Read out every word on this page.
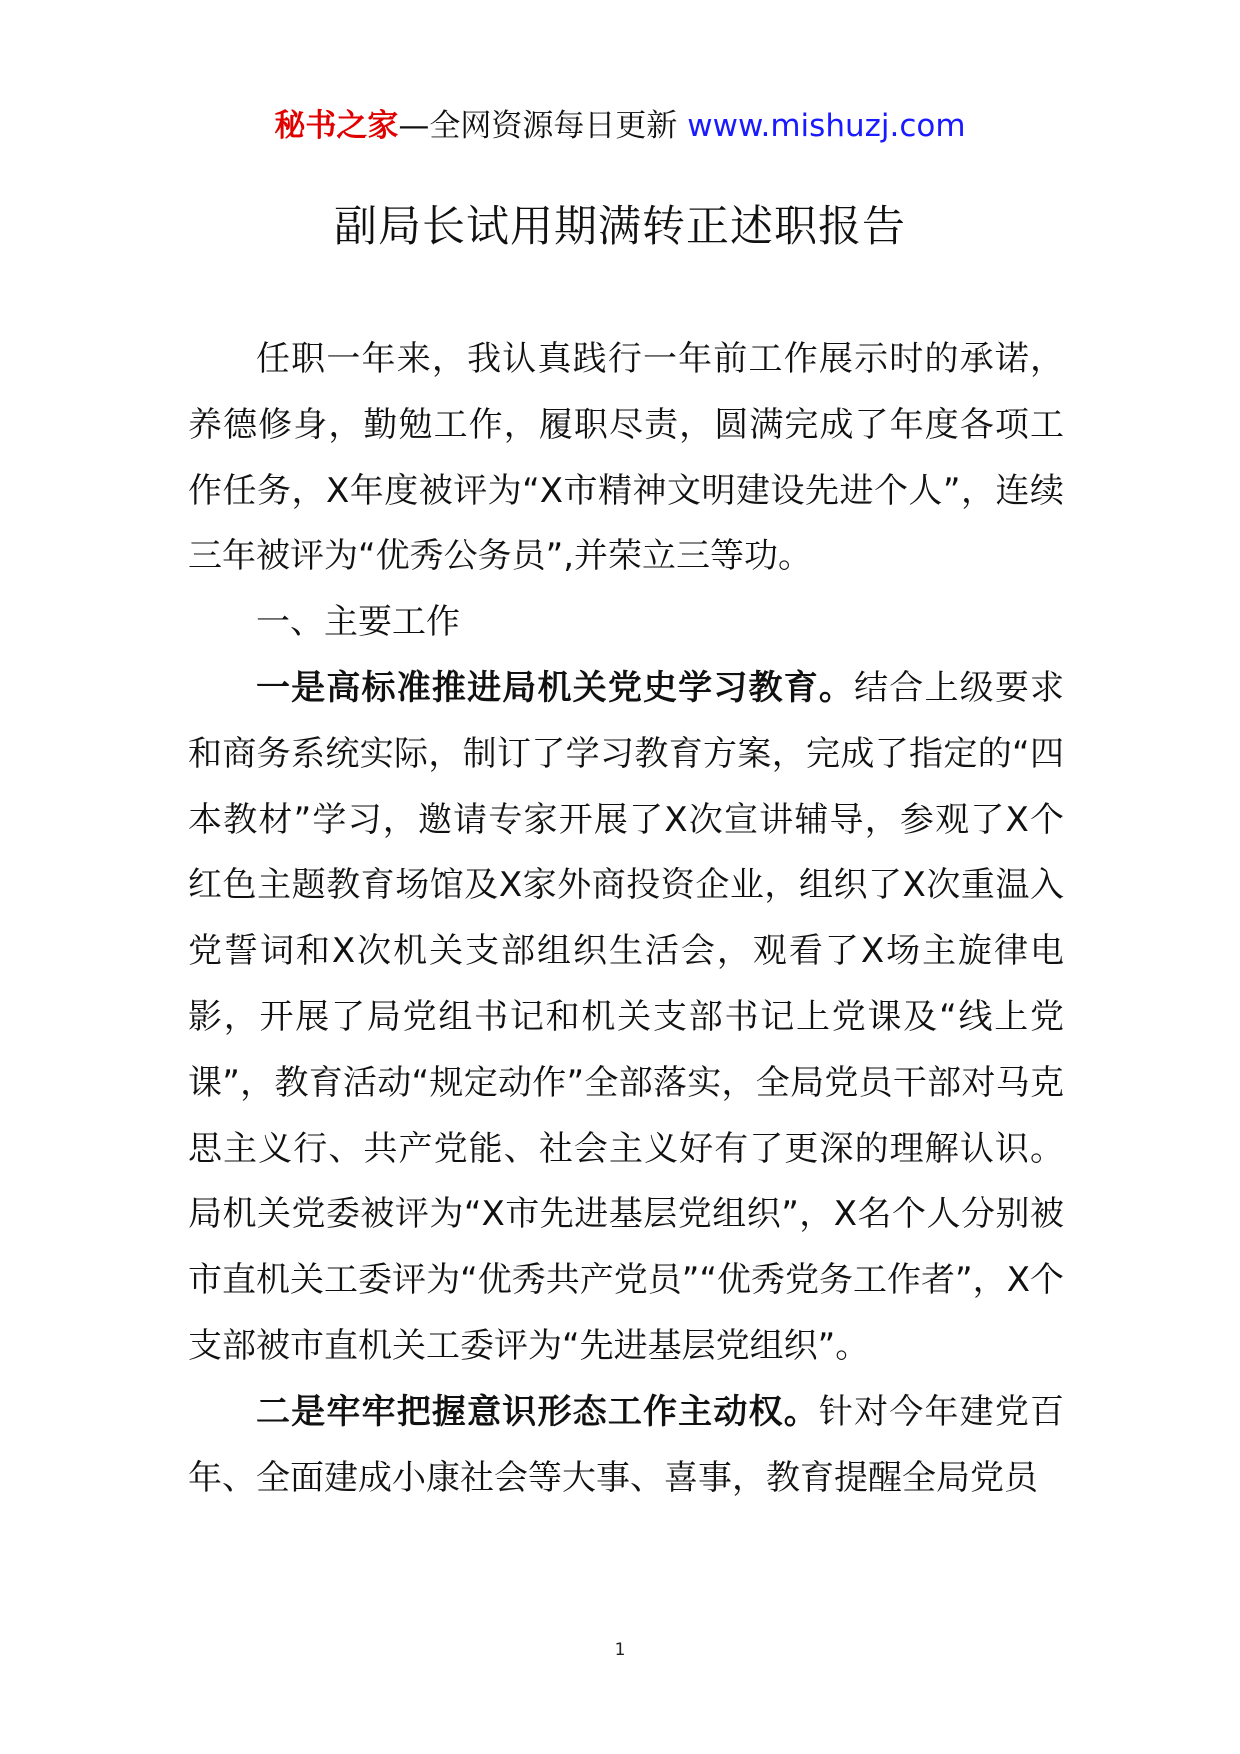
秘书之家—全网资源每日更新 www.mishuzj.com
副局长试用期满转正述职报告

任职一年来，我认真践行一年前工作展示时的承诺，养德修身，勤勉工作，履职尽责，圆满完成了年度各项工作任务，X年度被评为“X市精神文明建设先进个人”，连续三年被评为“优秀公务员”,并荣立三等功。

一、主要工作

一是高标准推进局机关党史学习教育。结合上级要求和商务系统实际，制订了学习教育方案，完成了指定的“四本教材”学习，邀请专家开展了X次宣讲辅导，参观了X个红色主题教育场馆及X家外商投资企业，组织了X次重温入党誓词和X次机关支部组织生活会，观看了X场主旋律电影，开展了局党组书记和机关支部书记上党课及“线上党课”，教育活动“规定动作”全部落实，全局党员干部对马克思主义行、共产党能、社会主义好有了更深的理解认识。局机关党委被评为“X市先进基层党组织”，X名个人分别被市直机关工委评为“优秀共产党员”“优秀党务工作者”，X个支部被市直机关工委评为“先进基层党组织”。

二是牢牢把握意识形态工作主动权。针对今年建党百年、全面建成小康社会等大事、喜事，教育提醒全局党员

1
